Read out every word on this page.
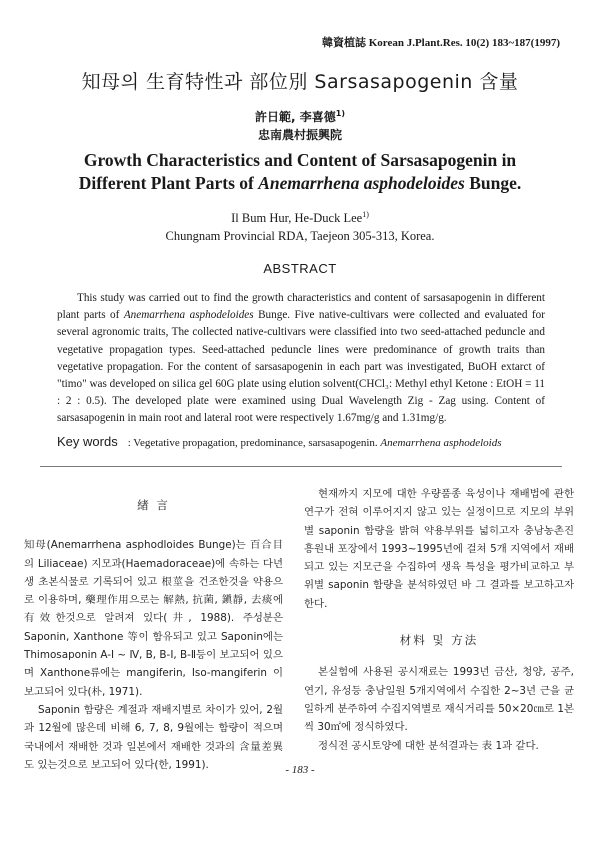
韓資植誌 Korean J.Plant.Res. 10(2) 183~187(1997)
知母의 生育特性과 部位別 Sarsasapogenin 含量
許日範, 李喜德$^{1)}$
忠南農村振興院
Growth Characteristics and Content of Sarsasapogenin in
Different Plant Parts of Anemarrhena asphodeloides Bunge.
Il Bum Hur, He-Duck Lee$^{1)}$
Chungnam Provincial RDA, Taejeon 305-313, Korea.
ABSTRACT

This study was carried out to find the growth characteristics and content of sarsasapogenin in different plant parts of Anemarrhena asphodeloides Bunge. Five native-cultivars were collected and evaluated for several agronomic traits, The collected native-cultivars were classified into two seed-attached peduncle and vegetative propagation types. Seed-attached peduncle lines were predominance of growth traits than vegetative propagation. For the content of sarsasapogenin in each part was investigated, BuOH extarct of "timo" was developed on silica gel 60G plate using elution solvent(CHCl₃: Methyl ethyl Ketone : EtOH = 11 : 2 : 0.5). The developed plate were examined using Dual Wavelength Zig - Zag using. Content of sarsasapogenin in main root and lateral root were respectively 1.67mg/g and 1.31mg/g.

Key words : Vegetative propagation, predominance, sarsasapogenin. Anemarrhena asphodeloids
緖 言

知母(Anemarrhena asphodloides Bunge)는 百合目의 Liliaceae) 지모과(Haemadoraceae)에 속하는 다년생 초본식물로 기록되어 있고 根莖을 건조한것을 약용으로 이용하며, 藥理作用으로는 解熱, 抗菌, 鎭靜, 去痰에 有效한것으로 알려져 있다(井, 1988). 주성분은 Saponin, Xanthone 等이 함유되고 있고 Saponin에는 Thimosaponin A-I ~ Ⅳ, B, B-Ⅰ, B-Ⅱ등이 보고되어 있으며 Xanthone류에는 mangiferin, Iso-mangiferin 이 보고되어 있다(朴, 1971).

Saponin 함량은 계절과 재배지별로 차이가 있어, 2월과 12월에 많은데 비해 6, 7, 8, 9월에는 함량이 적으며 국내에서 재배한 것과 일본에서 재배한 것과의 含量差異도 있는것으로 보고되어 있다(한, 1991).

현재까지 지모에 대한 우량품종 육성이나 재배법에 관한 연구가 전혀 이루어지지 않고 있는 실정이므로 지모의 부위별 saponin 함량을 밝혀 약용부위를 넓히고자 충남농촌진흥원내 포장에서 1993~1995년에 걸쳐 5개 지역에서 재배되고 있는 지모근을 수집하여 생육 특성을 평가비교하고 부위별 saponin 함량을 분석하였던 바 그 결과를 보고하고자 한다.

材料 및 方法

본실험에 사용된 공시재료는 1993년 금산, 청양, 공주, 연기, 유성등 충남일원 5개지역에서 수집한 2~3년 근을 균일하게 분주하여 수집지역별로 재식거리를 50×20㎝로 1본씩 30㎡에 정식하였다.

정식전 공시토양에 대한 분석결과는 表 1과 같다.

- 183 -
